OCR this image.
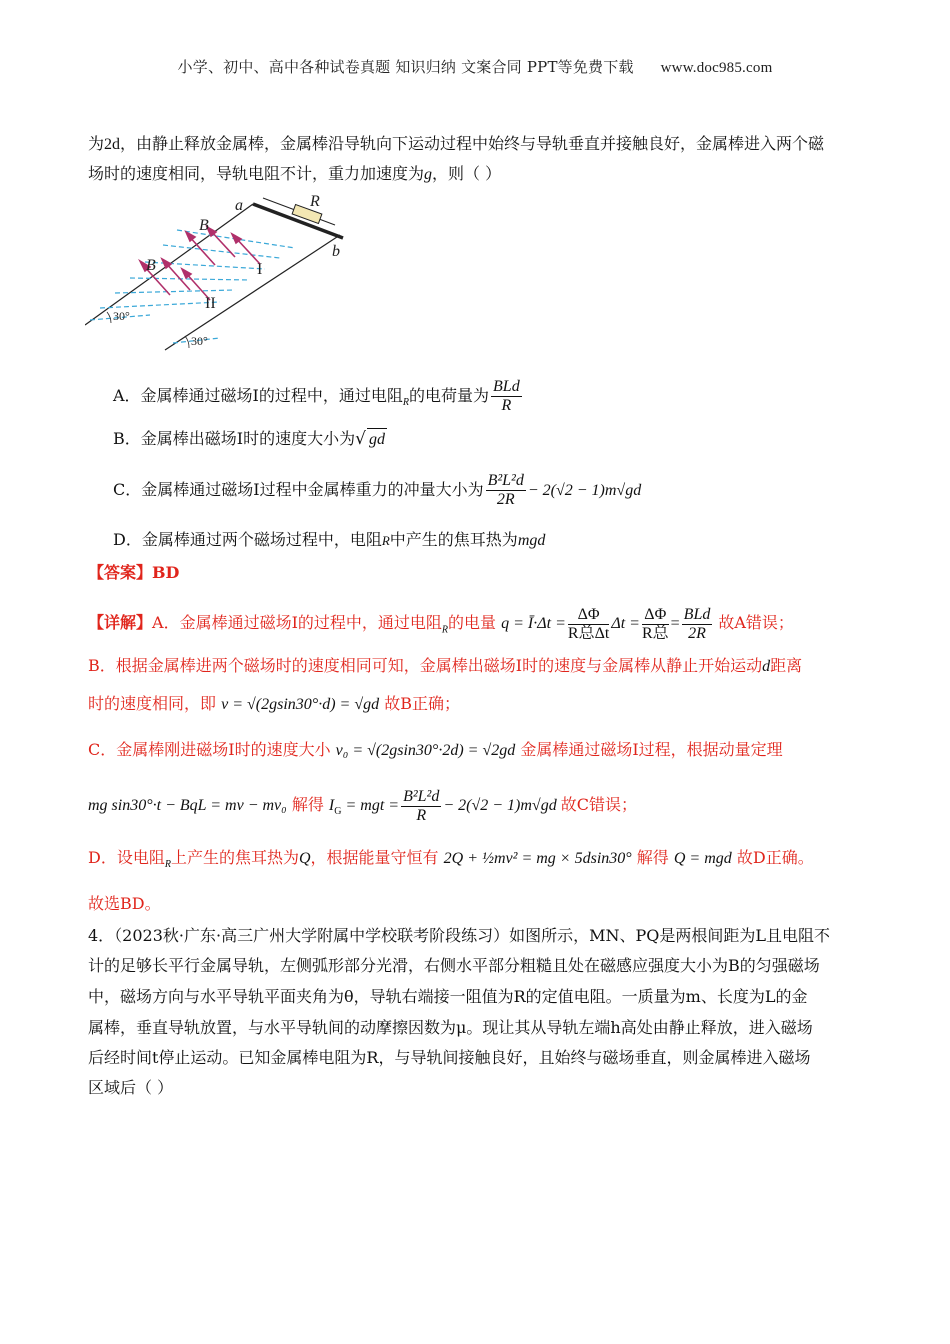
小学、初中、高中各种试卷真题 知识归纳 文案合同 PPT等免费下载 www.doc985.com
为2d，由静止释放金属棒，金属棒沿导轨向下运动过程中始终与导轨垂直并接触良好，金属棒进入两个磁
场时的速度相同，导轨电阻不计，重力加速度为g，则（ ）
a
b
R
B
B	I
II
30°
30°
A．金属棒通过磁场Ⅰ的过程中，通过电阻$_R$的电荷量为 $\frac{\text{BLd}}{R}$
B．金属棒出磁场Ⅰ时的速度大小为√ gd
C．金属棒通过磁场Ⅰ过程中金属棒重力的冲量大小为 $\frac{\text{B²L²d}}{2R} - 2(√2 - 1)m√gd$
D．金属棒通过两个磁场过程中，电阻R中产生的焦耳热为mgd
【答案】BD
【详解】A．金属棒通过磁场Ⅰ的过程中，通过电阻$_R$的电量 q = Ī·Δt = $\frac{\Delta\Phi}{\text{R总Δt}}$ $\Delta t = \frac{\Delta\Phi}{\text{R总}} = \frac{\text{BLd}}{2R}$ 故A错误；
B．根据金属棒进两个磁场时的速度相同可知，金属棒出磁场Ⅰ时的速度与金属棒从静止开始运动d距离
时的速度相同，即 v = √(2gsin30°·d) = √gd 故B正确；
C．金属棒刚进磁场Ⅰ时的速度大小 v₀ = √(2gsin30°·2d) = √2gd 金属棒通过磁场Ⅰ过程，根据动量定理
mg sin30°·t − BqL = mv − mv₀ 解得 $I_G$ = mgt = $\frac{\text{B²L²d}}{R} - 2(√2 - 1)m√gd$ 故C错误；
D．设电阻$_R$上产生的焦耳热为Q，根据能量守恒有 2Q + ½mv² = mg × 5dsin30° 解得 Q = mgd 故D正确。
故选BD。
4．（2023秋·广东·高三广州大学附属中学校联考阶段练习）如图所示，MN、PQ是两根间距为L且电阻不
计的足够长平行金属导轨，左侧弧形部分光滑，右侧水平部分粗糙且处在磁感应强度大小为B的匀强磁场
中，磁场方向与水平导轨平面夹角为θ，导轨右端接一阻值为R的定值电阻。一质量为m、长度为L的金
属棒，垂直导轨放置，与水平导轨间的动摩擦因数为μ。现让其从导轨左端h高处由静止释放，进入磁场
后经时间t停止运动。已知金属棒电阻为R，与导轨间接触良好，且始终与磁场垂直，则金属棒进入磁场
区域后（ ）
